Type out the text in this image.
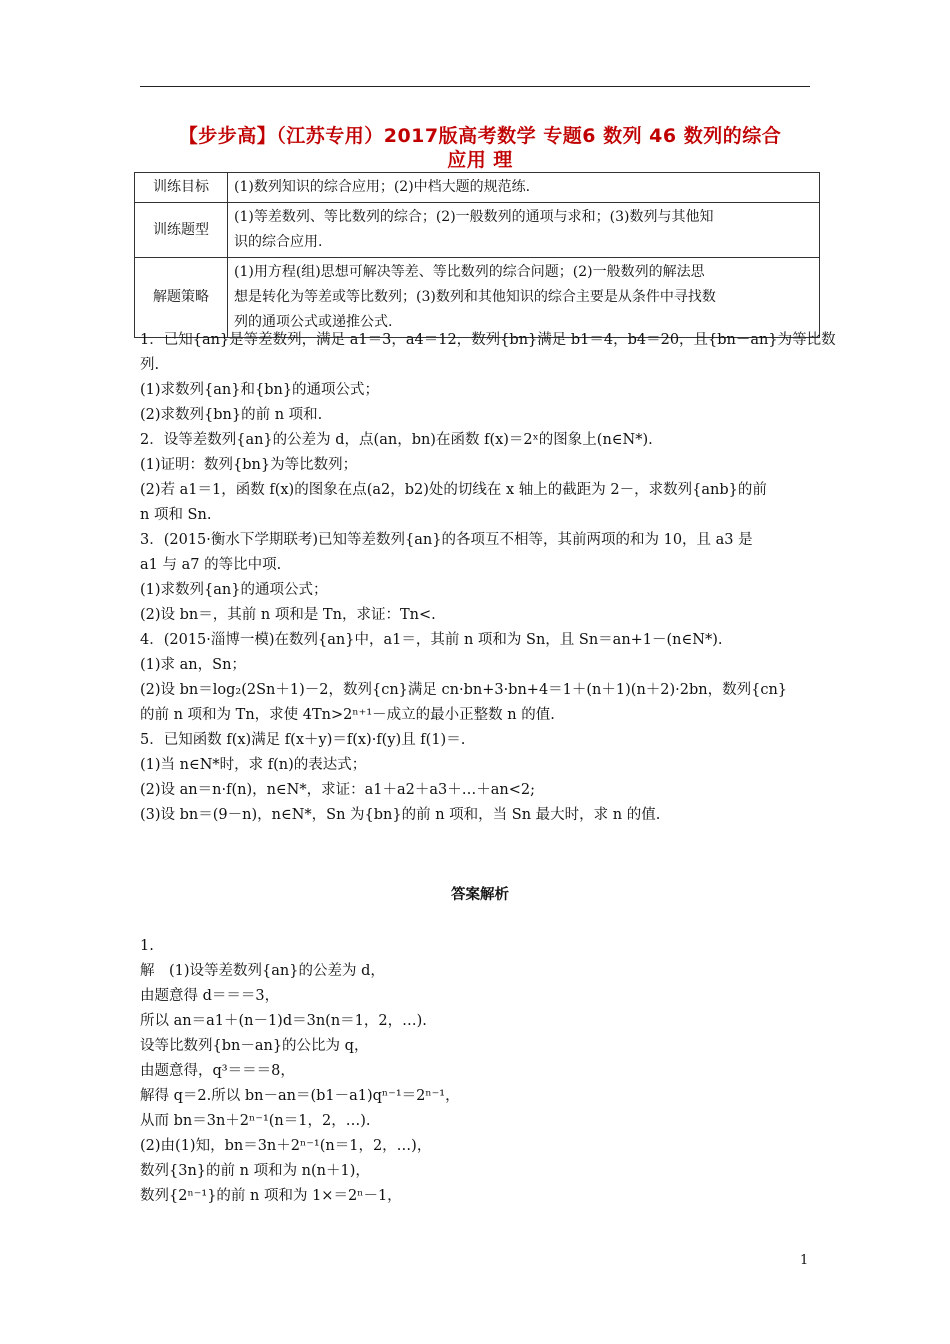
【步步高】（江苏专用）2017版高考数学 专题6 数列 46 数列的综合
应用 理
训练目标	(1)数列知识的综合应用；(2)中档大题的规范练.

训练题型	(1)等差数列、等比数列的综合；(2)一般数列的通项与求和；(3)数列与其他知
识的综合应用.

解题策略	(1)用方程(组)思想可解决等差、等比数列的综合问题；(2)一般数列的解法思
想是转化为等差或等比数列；(3)数列和其他知识的综合主要是从条件中寻找数
列的通项公式或递推公式.
1．已知{an}是等差数列，满足 a1＝3，a4＝12，数列{bn}满足 b1＝4，b4＝20，且{bn－an}为等比数
列.
(1)求数列{an}和{bn}的通项公式；
(2)求数列{bn}的前 n 项和.
2．设等差数列{an}的公差为 d，点(an，bn)在函数 f(x)＝2ˣ的图象上(n∈N*).
(1)证明：数列{bn}为等比数列；
(2)若 a1＝1，函数 f(x)的图象在点(a2，b2)处的切线在 x 轴上的截距为 2－，求数列{anb}的前
n 项和 Sn.
3．(2015·衡水下学期联考)已知等差数列{an}的各项互不相等，其前两项的和为 10，且 a3 是
a1 与 a7 的等比中项.
(1)求数列{an}的通项公式；
(2)设 bn＝，其前 n 项和是 Tn，求证：Tn<.
4．(2015·淄博一模)在数列{an}中，a1＝，其前 n 项和为 Sn，且 Sn＝an+1－(n∈N*).
(1)求 an，Sn；
(2)设 bn＝log₂(2Sn＋1)－2，数列{cn}满足 cn·bn+3·bn+4＝1＋(n＋1)(n＋2)·2bn，数列{cn}
的前 n 项和为 Tn，求使 4Tn>2ⁿ⁺¹－成立的最小正整数 n 的值.
5．已知函数 f(x)满足 f(x＋y)＝f(x)·f(y)且 f(1)＝.
(1)当 n∈N*时，求 f(n)的表达式；
(2)设 an＝n·f(n)，n∈N*，求证：a1＋a2＋a3＋…＋an<2;
(3)设 bn＝(9－n)，n∈N*，Sn 为{bn}的前 n 项和，当 Sn 最大时，求 n 的值.
答案解析
1.
解　(1)设等差数列{an}的公差为 d，
由题意得 d＝＝＝3，
所以 an＝a1＋(n－1)d＝3n(n＝1，2，…).
设等比数列{bn－an}的公比为 q，
由题意得，q³＝＝＝8，
解得 q＝2.所以 bn－an＝(b1－a1)qⁿ⁻¹＝2ⁿ⁻¹，
从而 bn＝3n＋2ⁿ⁻¹(n＝1，2，…).
(2)由(1)知，bn＝3n＋2ⁿ⁻¹(n＝1，2，…)，
数列{3n}的前 n 项和为 n(n＋1)，
数列{2ⁿ⁻¹}的前 n 项和为 1×＝2ⁿ－1，
1
